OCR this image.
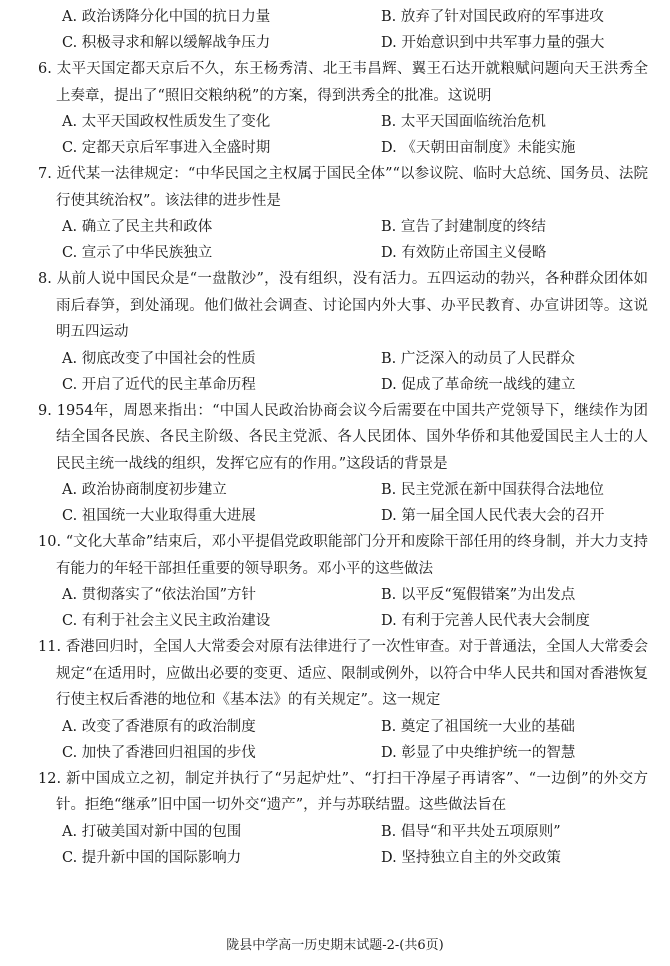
A. 政治诱降分化中国的抗日力量	B. 放弃了针对国民政府的军事进攻
C. 积极寻求和解以缓解战争压力	D. 开始意识到中共军事力量的强大

6. 太平天国定都天京后不久，东王杨秀清、北王韦昌辉、翼王石达开就粮赋问题向天王洪秀全上奏章，提出了“照旧交粮纳税”的方案，得到洪秀全的批准。这说明

A. 太平天国政权性质发生了变化	B. 太平天国面临统治危机
C. 定都天京后军事进入全盛时期	D. 《天朝田亩制度》未能实施

7. 近代某一法律规定：“中华民国之主权属于国民全体”“以参议院、临时大总统、国务员、法院行使其统治权”。该法律的进步性是

A. 确立了民主共和政体	B. 宣告了封建制度的终结
C. 宣示了中华民族独立	D. 有效防止帝国主义侵略

8. 从前人说中国民众是“一盘散沙”，没有组织，没有活力。五四运动的勃兴，各种群众团体如雨后春笋，到处涌现。他们做社会调查、讨论国内外大事、办平民教育、办宣讲团等。这说明五四运动

A. 彻底改变了中国社会的性质	B. 广泛深入的动员了人民群众
C. 开启了近代的民主革命历程	D. 促成了革命统一战线的建立

9. 1954年，周恩来指出：“中国人民政治协商会议今后需要在中国共产党领导下，继续作为团结全国各民族、各民主阶级、各民主党派、各人民团体、国外华侨和其他爱国民主人士的人民民主统一战线的组织，发挥它应有的作用。”这段话的背景是

A. 政治协商制度初步建立	B. 民主党派在新中国获得合法地位
C. 祖国统一大业取得重大进展	D. 第一届全国人民代表大会的召开

10. “文化大革命”结束后，邓小平提倡党政职能部门分开和废除干部任用的终身制，并大力支持有能力的年轻干部担任重要的领导职务。邓小平的这些做法

A. 贯彻落实了“依法治国”方针	B. 以平反“冤假错案”为出发点
C. 有利于社会主义民主政治建设	D. 有利于完善人民代表大会制度

11. 香港回归时，全国人大常委会对原有法律进行了一次性审查。对于普通法，全国人大常委会规定“在适用时，应做出必要的变更、适应、限制或例外，以符合中华人民共和国对香港恢复行使主权后香港的地位和《基本法》的有关规定”。这一规定

A. 改变了香港原有的政治制度	B. 奠定了祖国统一大业的基础
C. 加快了香港回归祖国的步伐	D. 彰显了中央维护统一的智慧

12. 新中国成立之初，制定并执行了“另起炉灶”、“打扫干净屋子再请客”、“一边倒”的外交方针。拒绝“继承”旧中国一切外交“遗产”，并与苏联结盟。这些做法旨在

A. 打破美国对新中国的包围	B. 倡导“和平共处五项原则”
C. 提升新中国的国际影响力	D. 坚持独立自主的外交政策
陇县中学高一历史期末试题-2-(共6页)
